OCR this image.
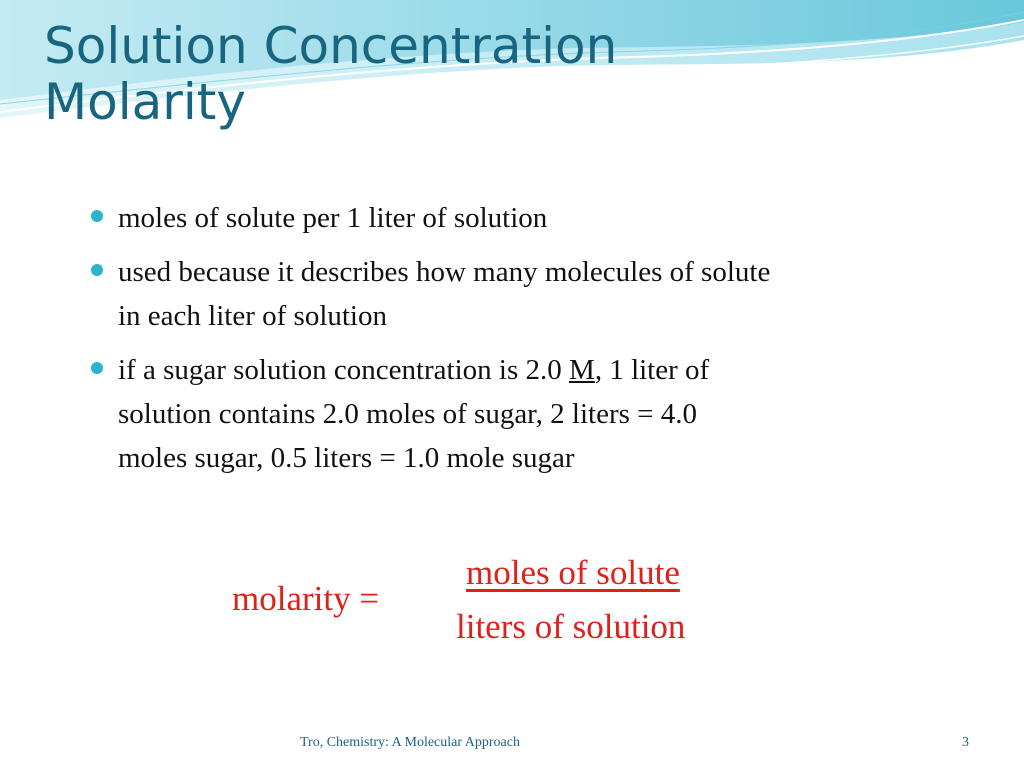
Solution Concentration
Molarity
moles of solute per 1 liter of solution
used because it describes how many molecules of solute
in each liter of solution
if a sugar solution concentration is 2.0 M, 1 liter of
solution contains 2.0 moles of sugar, 2 liters = 4.0
moles sugar, 0.5 liters = 1.0 mole sugar
molarity =
moles of solute
liters of solution
Tro, Chemistry: A Molecular Approach	3
